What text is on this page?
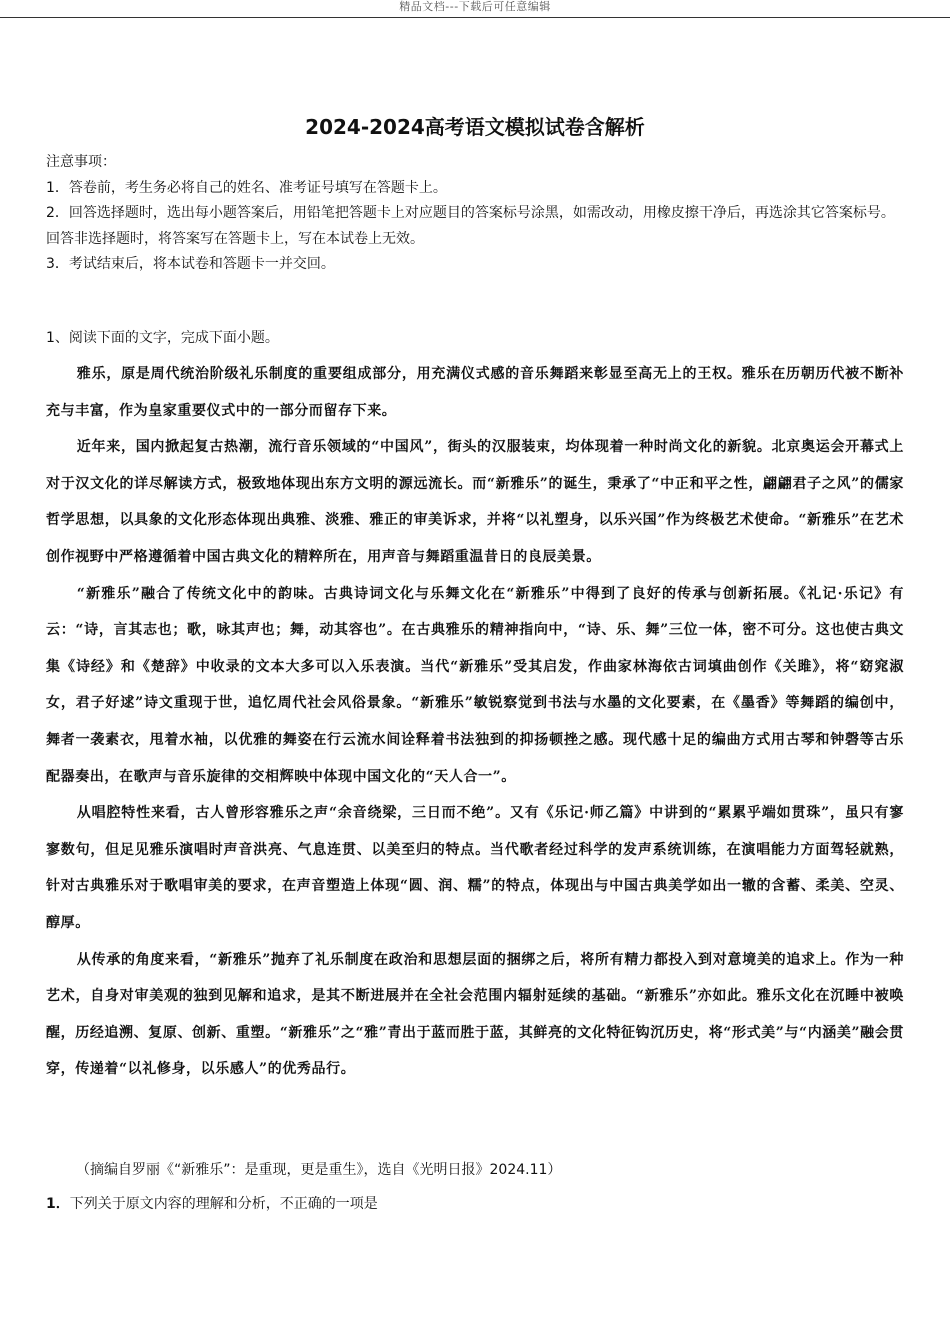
精品文档---下载后可任意编辑
2024-2024高考语文模拟试卷含解析

注意事项：

1．答卷前，考生务必将自己的姓名、准考证号填写在答题卡上。

2．回答选择题时，选出每小题答案后，用铅笔把答题卡上对应题目的答案标号涂黑，如需改动，用橡皮擦干净后，再选涂其它答案标号。回答非选择题时，将答案写在答题卡上，写在本试卷上无效。

3．考试结束后，将本试卷和答题卡一并交回。

1、阅读下面的文字，完成下面小题。

雅乐，原是周代统治阶级礼乐制度的重要组成部分，用充满仪式感的音乐舞蹈来彰显至高无上的王权。雅乐在历朝历代被不断补充与丰富，作为皇家重要仪式中的一部分而留存下来。

近年来，国内掀起复古热潮，流行音乐领域的“中国风”，街头的汉服装束，均体现着一种时尚文化的新貌。北京奥运会开幕式上对于汉文化的详尽解读方式，极致地体现出东方文明的源远流长。而“新雅乐”的诞生，秉承了“中正和平之性，翩翩君子之风”的儒家哲学思想，以具象的文化形态体现出典雅、淡雅、雅正的审美诉求，并将“以礼塑身，以乐兴国”作为终极艺术使命。“新雅乐”在艺术创作视野中严格遵循着中国古典文化的精粹所在，用声音与舞蹈重温昔日的良辰美景。

“新雅乐”融合了传统文化中的韵味。古典诗词文化与乐舞文化在“新雅乐”中得到了良好的传承与创新拓展。《礼记·乐记》有云：“诗，言其志也；歌，咏其声也；舞，动其容也”。在古典雅乐的精神指向中，“诗、乐、舞”三位一体，密不可分。这也使古典文集《诗经》和《楚辞》中收录的文本大多可以入乐表演。当代“新雅乐”受其启发，作曲家林海依古词填曲创作《关雎》，将“窈窕淑女，君子好逑”诗文重现于世，追忆周代社会风俗景象。“新雅乐”敏锐察觉到书法与水墨的文化要素，在《墨香》等舞蹈的编创中，舞者一袭素衣，甩着水袖，以优雅的舞姿在行云流水间诠释着书法独到的抑扬顿挫之感。现代感十足的编曲方式用古琴和钟磬等古乐配器奏出，在歌声与音乐旋律的交相辉映中体现中国文化的“天人合一”。

从唱腔特性来看，古人曾形容雅乐之声“余音绕梁，三日而不绝”。又有《乐记·师乙篇》中讲到的“累累乎端如贯珠”，虽只有寥寥数句，但足见雅乐演唱时声音洪亮、气息连贯、以美至归的特点。当代歌者经过科学的发声系统训练，在演唱能力方面驾轻就熟，针对古典雅乐对于歌唱审美的要求，在声音塑造上体现“圆、润、糯”的特点，体现出与中国古典美学如出一辙的含蓄、柔美、空灵、醇厚。

从传承的角度来看，“新雅乐”抛弃了礼乐制度在政治和思想层面的捆绑之后，将所有精力都投入到对意境美的追求上。作为一种艺术，自身对审美观的独到见解和追求，是其不断进展并在全社会范围内辐射延续的基础。“新雅乐”亦如此。雅乐文化在沉睡中被唤醒，历经追溯、复原、创新、重塑。“新雅乐”之“雅”青出于蓝而胜于蓝，其鲜亮的文化特征钩沉历史，将“形式美”与“内涵美”融会贯穿，传递着“以礼修身，以乐感人”的优秀品行。

（摘编自罗丽《“新雅乐”：是重现，更是重生》，选自《光明日报》2024.11）

1．下列关于原文内容的理解和分析，不正确的一项是
